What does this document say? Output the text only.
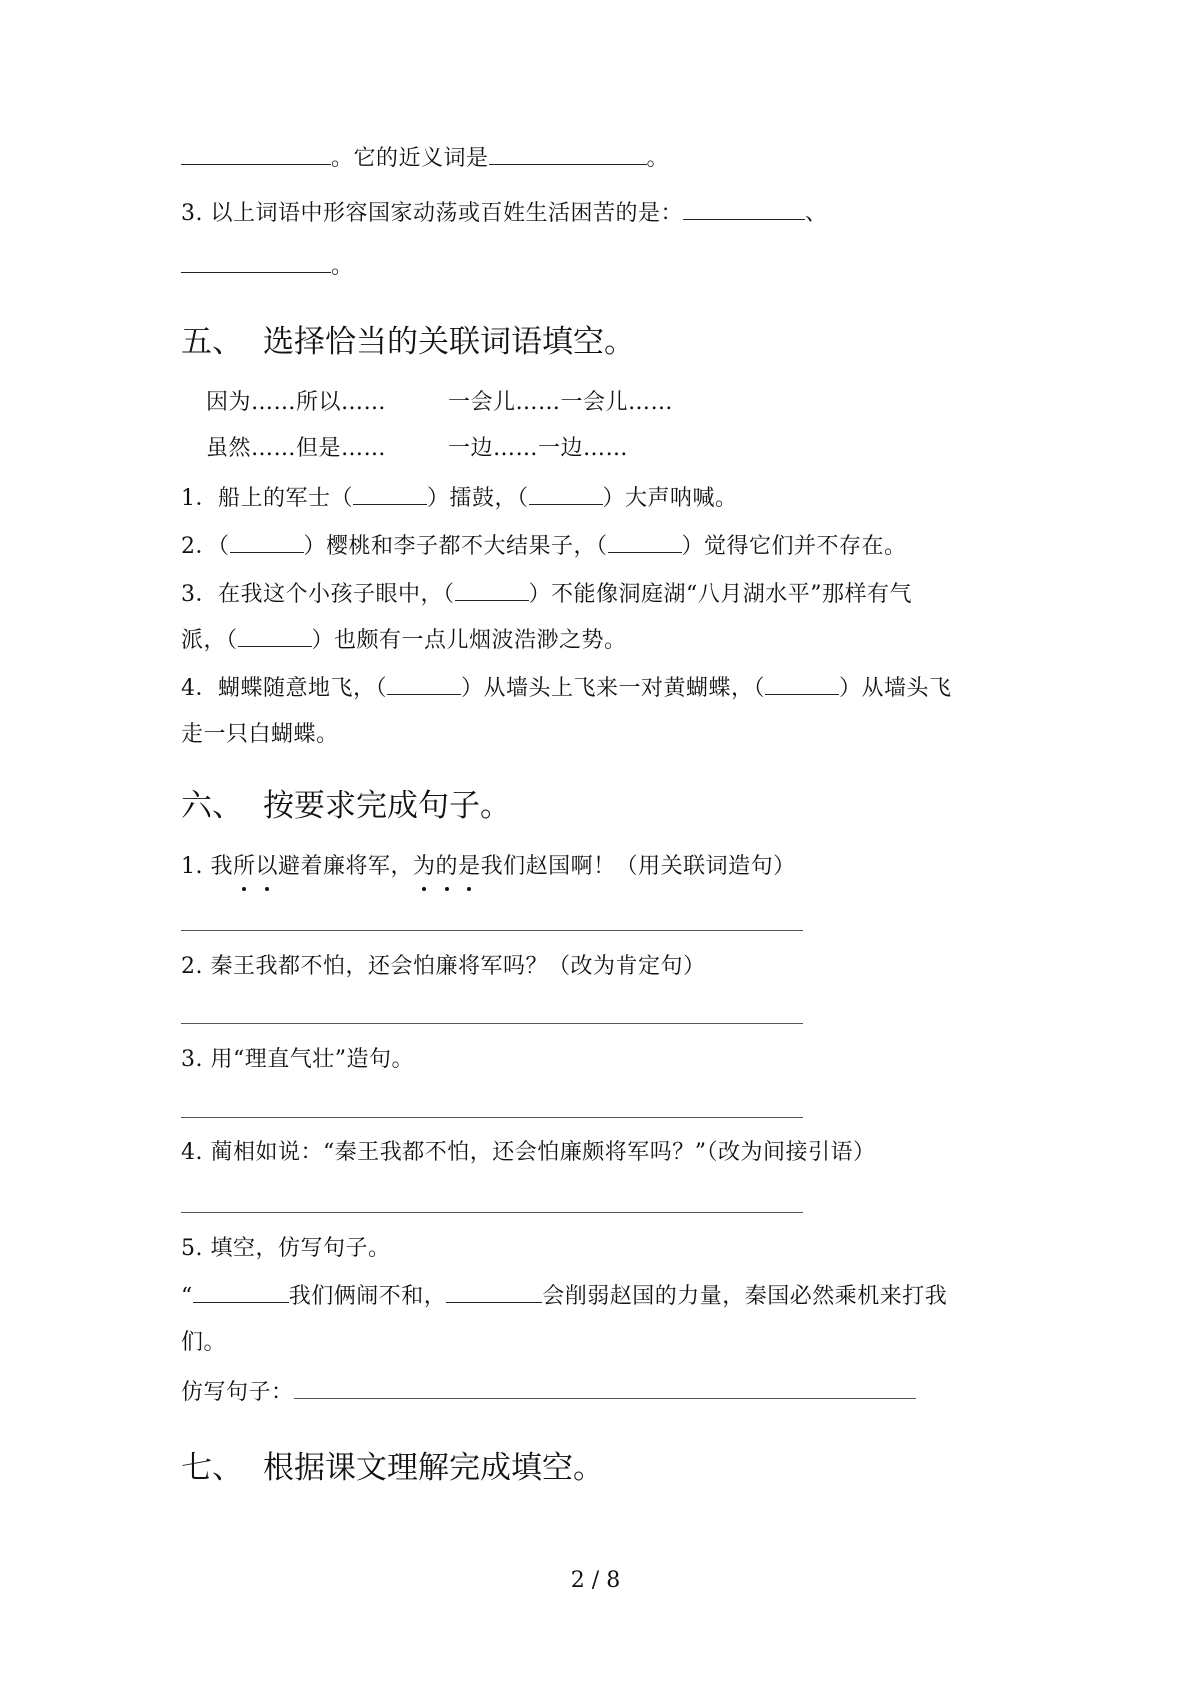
。它的近义词是	。
3. 以上词语中形容国家动荡或百姓生活困苦的是：	、
。
五、 选择恰当的关联词语填空。
因为……所以……	一会儿……一会儿……
虽然……但是……	一边……一边……
1．船上的军士（	）擂鼓，（	）大声呐喊。
2．（	）樱桃和李子都不大结果子，（	）觉得它们并不存在。
3．在我这个小孩子眼中，（	）不能像洞庭湖“八月湖水平”那样有气
派，（	）也颇有一点儿烟波浩渺之势。
4．蝴蝶随意地飞，（	）从墙头上飞来一对黄蝴蝶，（	）从墙头飞
走一只白蝴蝶。
六、 按要求完成句子。
1. 我所以避着廉将军，为的是我们赵国啊！（用关联词造句）
2. 秦王我都不怕，还会怕廉将军吗？（改为肯定句）
3. 用“理直气壮”造句。
4. 蔺相如说：“秦王我都不怕，还会怕廉颇将军吗？”（改为间接引语）
5. 填空，仿写句子。
“	我们俩闹不和，	会削弱赵国的力量，秦国必然乘机来打我
们。
仿写句子：
七、 根据课文理解完成填空。
2 / 8
